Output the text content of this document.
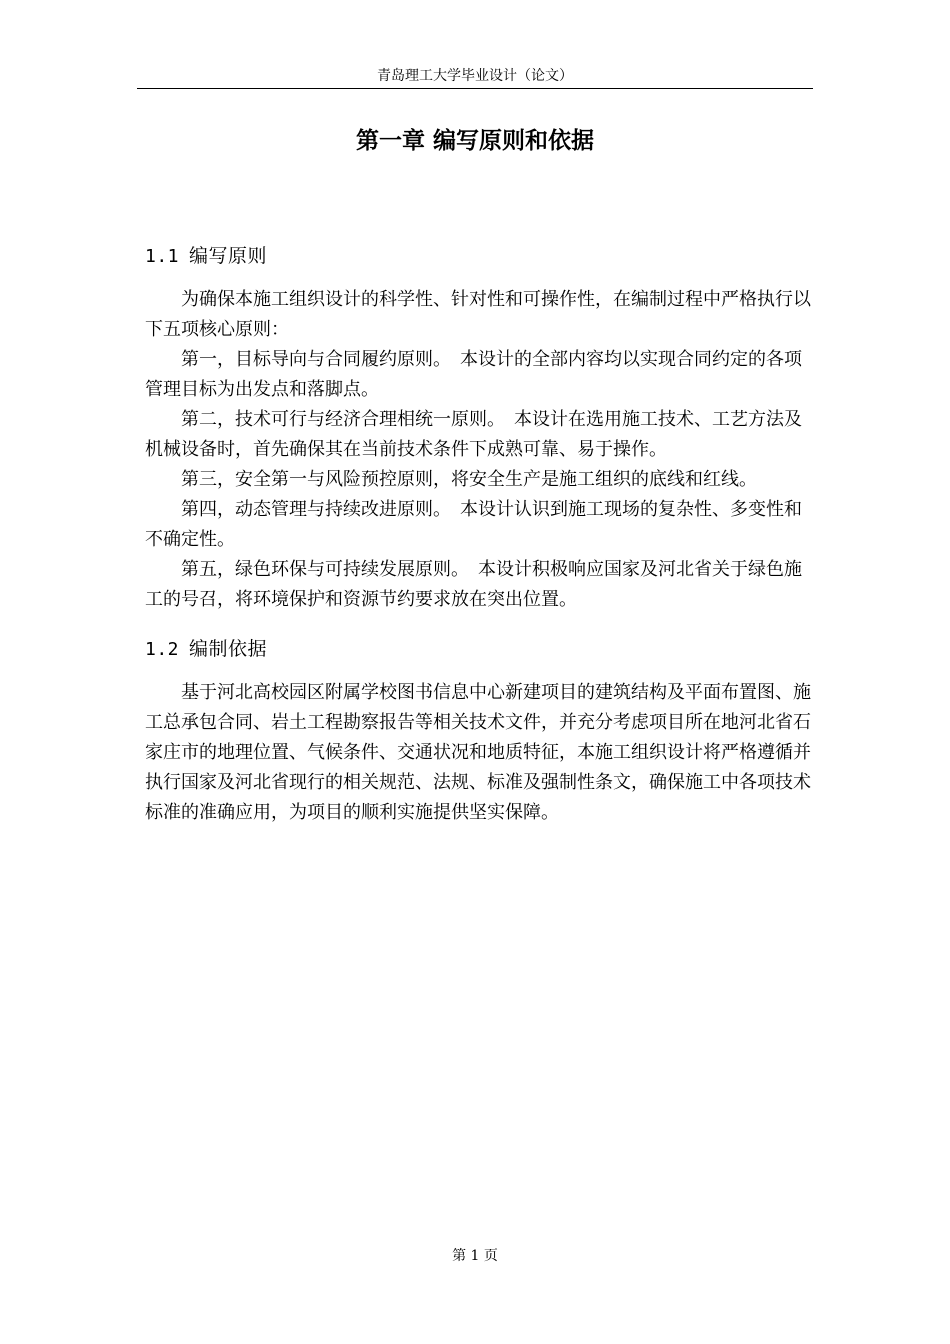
青岛理工大学毕业设计（论文）
第一章 编写原则和依据
1.1 编写原则

为确保本施工组织设计的科学性、针对性和可操作性，在编制过程中严格执行以下五项核心原则：

第一，目标导向与合同履约原则。　本设计的全部内容均以实现合同约定的各项管理目标为出发点和落脚点。

第二，技术可行与经济合理相统一原则。　本设计在选用施工技术、工艺方法及机械设备时，首先确保其在当前技术条件下成熟可靠、易于操作。

第三，安全第一与风险预控原则，将安全生产是施工组织的底线和红线。

第四，动态管理与持续改进原则。　本设计认识到施工现场的复杂性、多变性和不确定性。

第五，绿色环保与可持续发展原则。　本设计积极响应国家及河北省关于绿色施工的号召，将环境保护和资源节约要求放在突出位置。

1.2 编制依据

基于河北高校园区附属学校图书信息中心新建项目的建筑结构及平面布置图、施工总承包合同、岩土工程勘察报告等相关技术文件，并充分考虑项目所在地河北省石家庄市的地理位置、气候条件、交通状况和地质特征，本施工组织设计将严格遵循并执行国家及河北省现行的相关规范、法规、标准及强制性条文，确保施工中各项技术标准的准确应用，为项目的顺利实施提供坚实保障。

第 1 页
